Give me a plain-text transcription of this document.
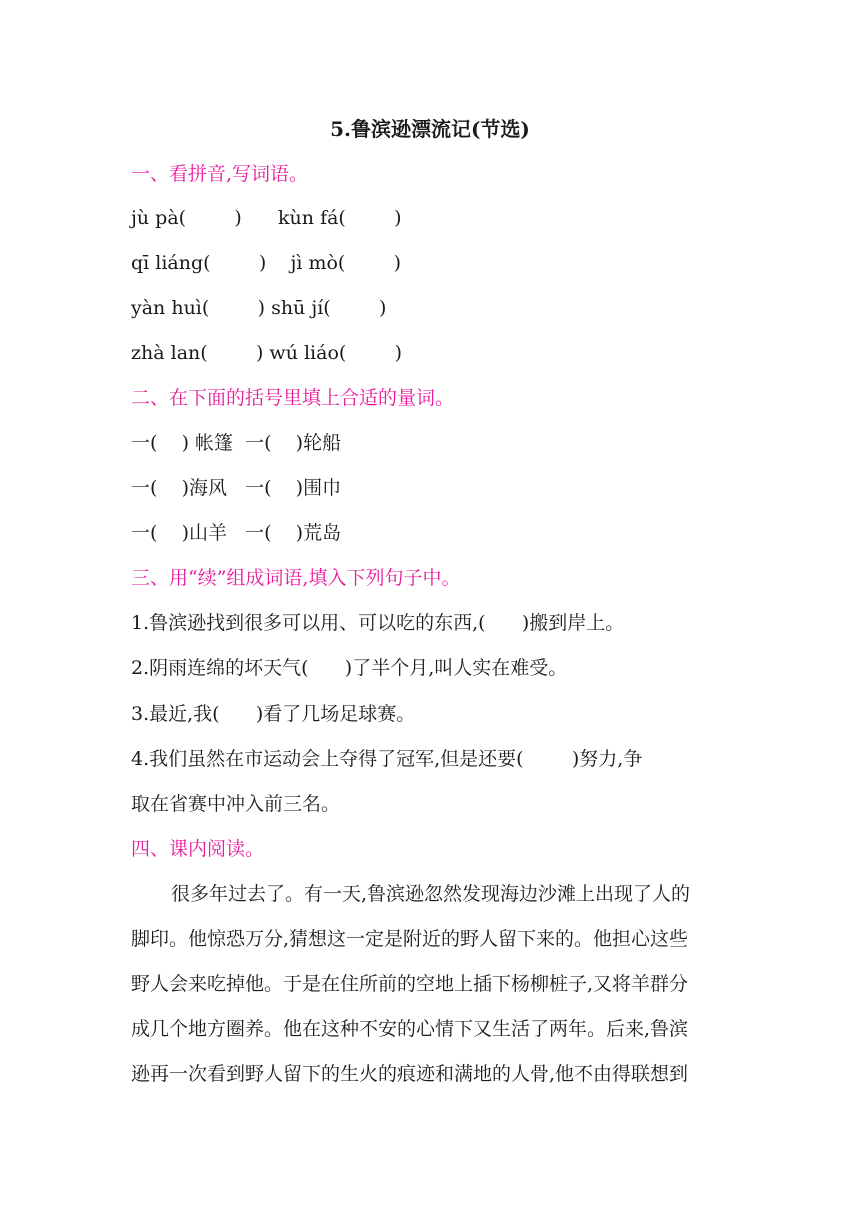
5.鲁滨逊漂流记(节选)
一、看拼音,写词语。
jù pà(        )      kùn fá(        )
qī liáng(        )    jì mò(        )
yàn huì(        ) shū jí(        )
zhà lan(        ) wú liáo(        )
二、在下面的括号里填上合适的量词。
一(    ) 帐篷  一(    )轮船
一(    )海风   一(    )围巾
一(    )山羊   一(    )荒岛
三、用“续”组成词语,填入下列句子中。
1.鲁滨逊找到很多可以用、可以吃的东西,(      )搬到岸上。
2.阴雨连绵的坏天气(      )了半个月,叫人实在难受。
3.最近,我(      )看了几场足球赛。
4.我们虽然在市运动会上夺得了冠军,但是还要(        )努力,争
取在省赛中冲入前三名。
四、课内阅读。
很多年过去了。有一天,鲁滨逊忽然发现海边沙滩上出现了人的
脚印。他惊恐万分,猜想这一定是附近的野人留下来的。他担心这些
野人会来吃掉他。于是在住所前的空地上插下杨柳桩子,又将羊群分
成几个地方圈养。他在这种不安的心情下又生活了两年。后来,鲁滨
逊再一次看到野人留下的生火的痕迹和满地的人骨,他不由得联想到
